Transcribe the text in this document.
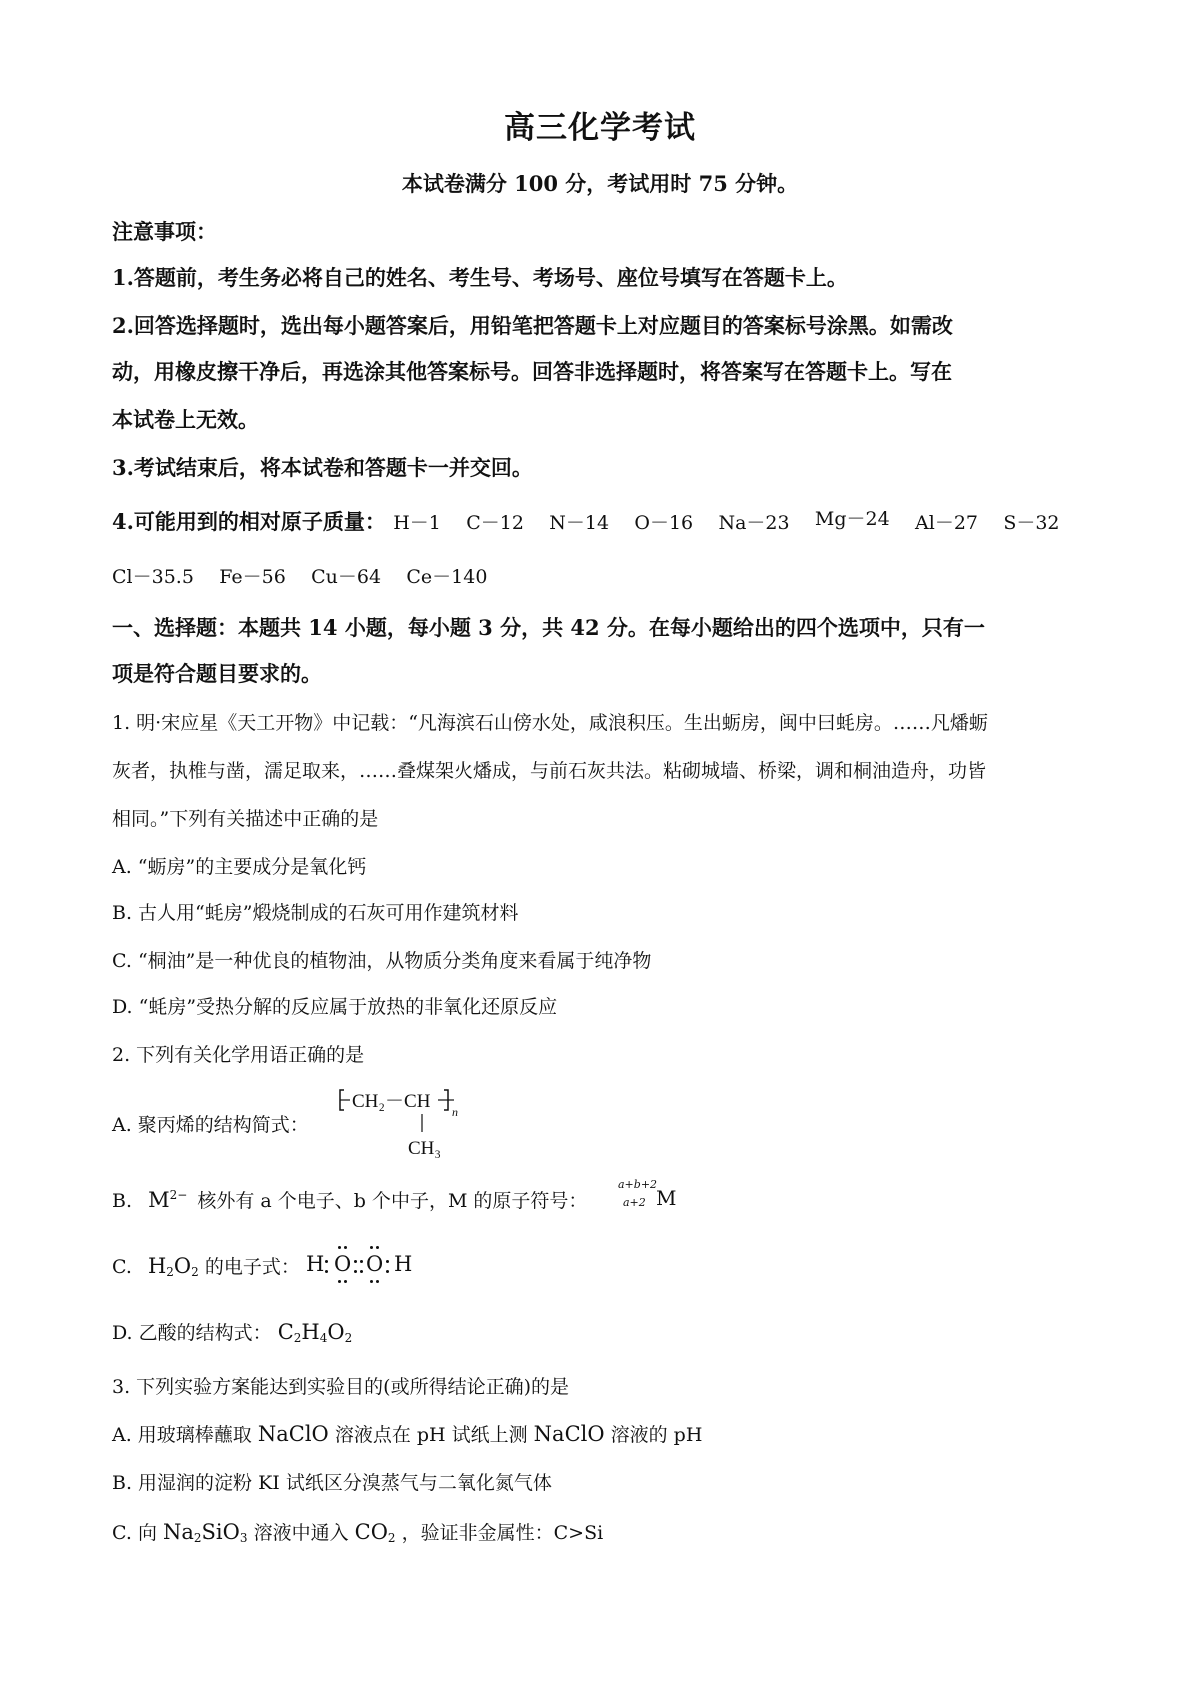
高三化学考试
本试卷满分 100 分，考试用时 75 分钟。
注意事项：
1.答题前，考生务必将自己的姓名、考生号、考场号、座位号填写在答题卡上。
2.回答选择题时，选出每小题答案后，用铅笔把答题卡上对应题目的答案标号涂黑。如需改
动，用橡皮擦干净后，再选涂其他答案标号。回答非选择题时，将答案写在答题卡上。写在
本试卷上无效。
3.考试结束后，将本试卷和答题卡一并交回。
4.可能用到的相对原子质量： H－1 C－12 N－14 O－16 Na－23 Mg－24 Al－27 S－32
Cl－35.5 Fe－56 Cu－64 Ce－140
一、选择题：本题共 14 小题，每小题 3 分，共 42 分。在每小题给出的四个选项中，只有一
项是符合题目要求的。
1. 明·宋应星《天工开物》中记载：“凡海滨石山傍水处，咸浪积压。生出蛎房，闽中曰蚝房。……凡燔蛎
灰者，执椎与凿，濡足取来，……叠煤架火燔成，与前石灰共法。粘砌城墙、桥梁，调和桐油造舟，功皆
相同。”下列有关描述中正确的是
A. “蛎房”的主要成分是氧化钙
B. 古人用“蚝房”煅烧制成的石灰可用作建筑材料
C. “桐油”是一种优良的植物油，从物质分类角度来看属于纯净物
D. “蚝房”受热分解的反应属于放热的非氧化还原反应
2. 下列有关化学用语正确的是
A. 聚丙烯的结构简式：
CH₂－CH n
CH₃
B. $M^{2-}$ 核外有 a 个电子、b 个中子，M 的原子符号：
a+b+2
a+2 M
C. $H_2O_2$ 的电子式： H O O H
D. 乙酸的结构式： $C_2H_4O_2$
3. 下列实验方案能达到实验目的(或所得结论正确)的是
A. 用玻璃棒蘸取 NaClO 溶液点在 pH 试纸上测 NaClO 溶液的 pH
B. 用湿润的淀粉 KI 试纸区分溴蒸气与二氧化氮气体
C. 向 $Na_2SiO_3$ 溶液中通入 $CO_2$ ，验证非金属性：C>Si
